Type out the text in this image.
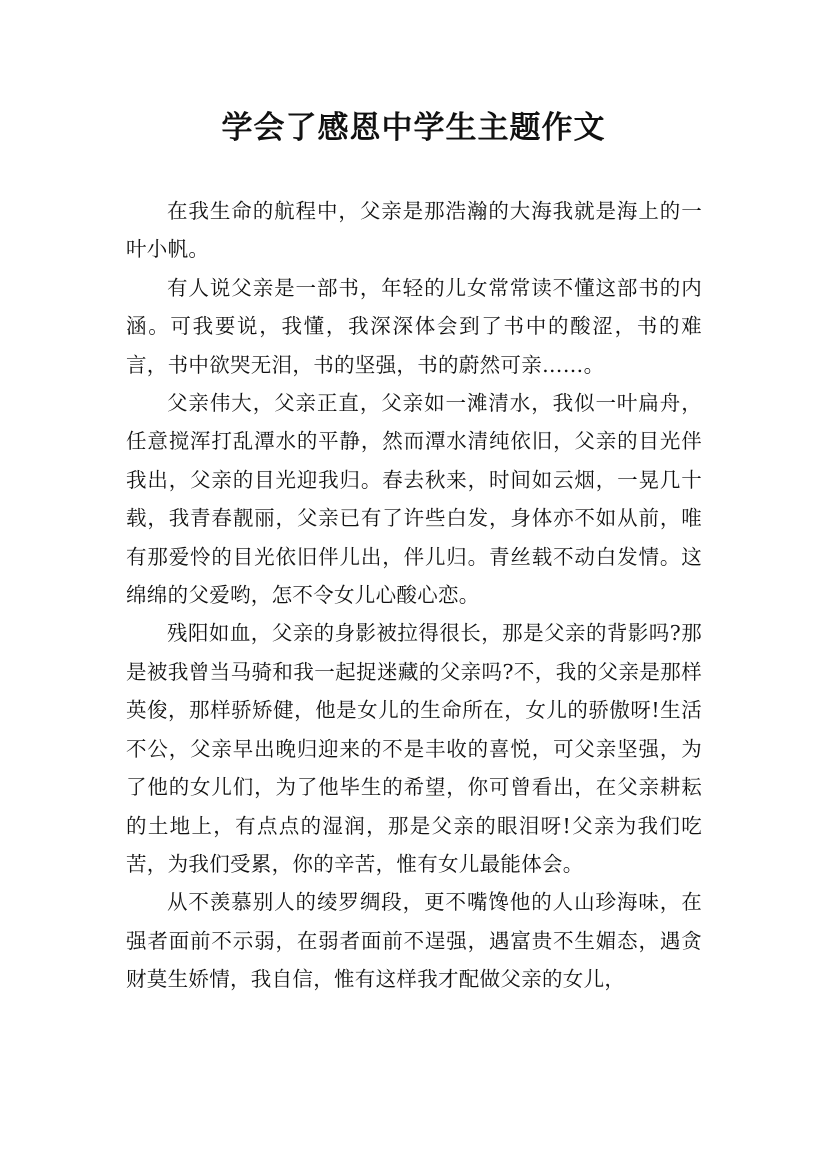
学会了感恩中学生主题作文

在我生命的航程中，父亲是那浩瀚的大海我就是海上的一叶小帆。

有人说父亲是一部书，年轻的儿女常常读不懂这部书的内涵。可我要说，我懂，我深深体会到了书中的酸涩，书的难言，书中欲哭无泪，书的坚强，书的蔚然可亲……。

父亲伟大，父亲正直，父亲如一滩清水，我似一叶扁舟，任意搅浑打乱潭水的平静，然而潭水清纯依旧，父亲的目光伴我出，父亲的目光迎我归。春去秋来，时间如云烟，一晃几十载，我青春靓丽，父亲已有了许些白发，身体亦不如从前，唯有那爱怜的目光依旧伴儿出，伴儿归。青丝载不动白发情。这绵绵的父爱哟，怎不令女儿心酸心恋。

残阳如血，父亲的身影被拉得很长，那是父亲的背影吗?那是被我曾当马骑和我一起捉迷藏的父亲吗?不，我的父亲是那样英俊，那样骄矫健，他是女儿的生命所在，女儿的骄傲呀!生活不公，父亲早出晚归迎来的不是丰收的喜悦，可父亲坚强，为了他的女儿们，为了他毕生的希望，你可曾看出，在父亲耕耘的土地上，有点点的湿润，那是父亲的眼泪呀!父亲为我们吃苦，为我们受累，你的辛苦，惟有女儿最能体会。

从不羡慕别人的绫罗绸段，更不嘴馋他的人山珍海味，在强者面前不示弱，在弱者面前不逞强，遇富贵不生媚态，遇贪财莫生娇情，我自信，惟有这样我才配做父亲的女儿，
